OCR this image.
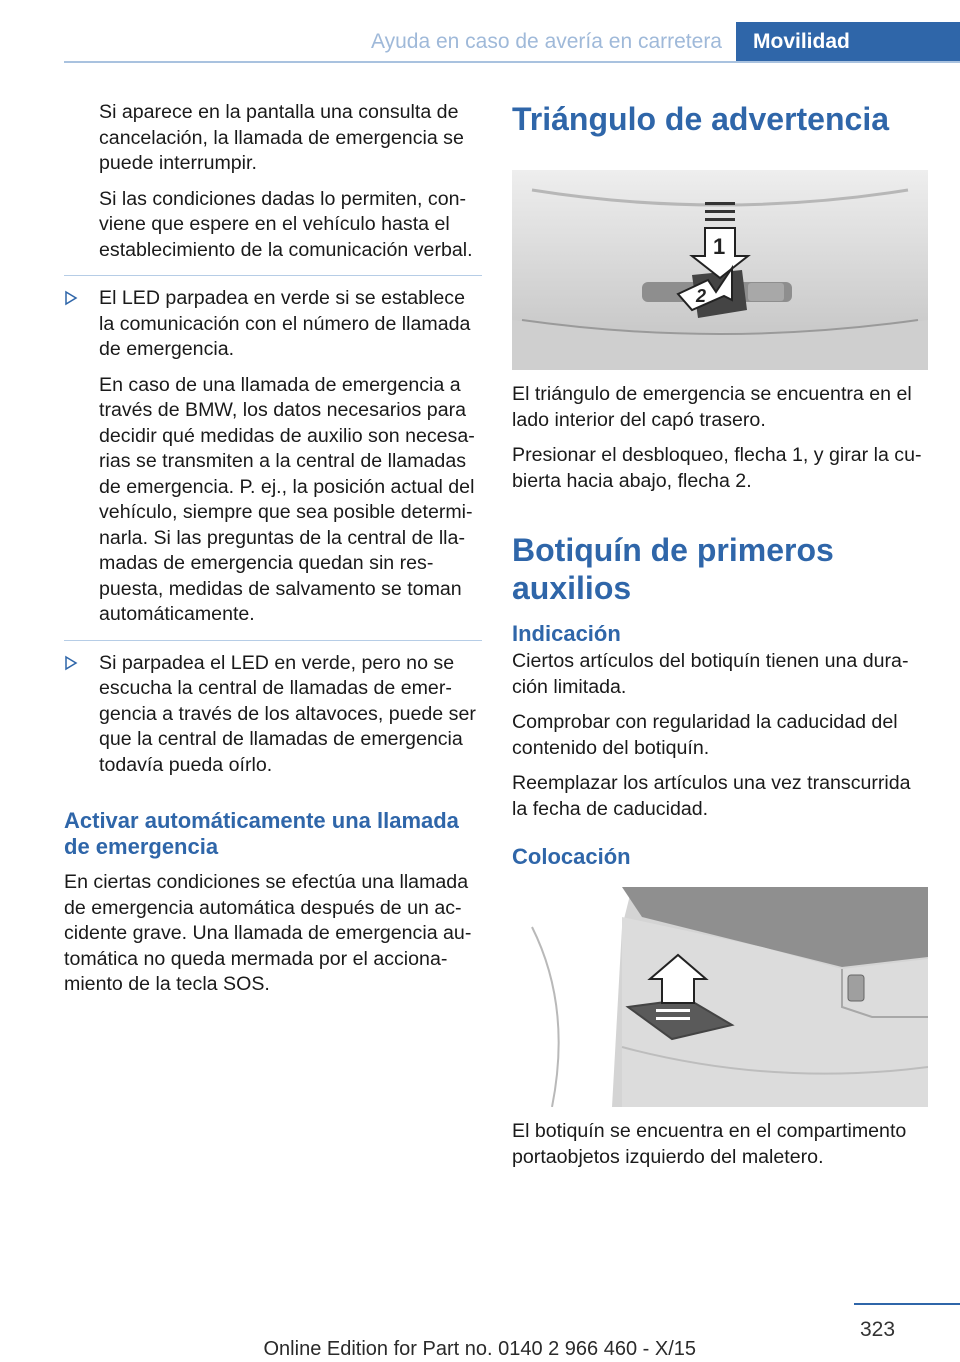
Ayuda en caso de avería en carretera Movilidad

Si aparece en la pantalla una consulta de cancelación, la llamada de emergencia se puede interrumpir.

Si las condiciones dadas lo permiten, conviene que espere en el vehículo hasta el establecimiento de la comunicación verbal.

El LED parpadea en verde si se establece la comunicación con el número de llamada de emergencia.

En caso de una llamada de emergencia a través de BMW, los datos necesarios para decidir qué medidas de auxilio son necesarias se transmiten a la central de llamadas de emergencia. P. ej., la posición actual del vehículo, siempre que sea posible determinarla. Si las preguntas de la central de llamadas de emergencia quedan sin respuesta, medidas de salvamento se toman automáticamente.

Si parpadea el LED en verde, pero no se escucha la central de llamadas de emergencia a través de los altavoces, puede ser que la central de llamadas de emergencia todavía pueda oírlo.

Activar automáticamente una llamada de emergencia

En ciertas condiciones se efectúa una llamada de emergencia automática después de un accidente grave. Una llamada de emergencia automática no queda mermada por el accionamiento de la tecla SOS.

Triángulo de advertencia
1
2

El triángulo de emergencia se encuentra en el lado interior del capó trasero.

Presionar el desbloqueo, flecha 1, y girar la cubierta hacia abajo, flecha 2.

Botiquín de primeros auxilios
Indicación

Ciertos artículos del botiquín tienen una duración limitada.

Comprobar con regularidad la caducidad del contenido del botiquín.

Reemplazar los artículos una vez transcurrida la fecha de caducidad.

Colocación

El botiquín se encuentra en el compartimento portaobjetos izquierdo del maletero.

323
Online Edition for Part no. 0140 2 966 460 - X/15
